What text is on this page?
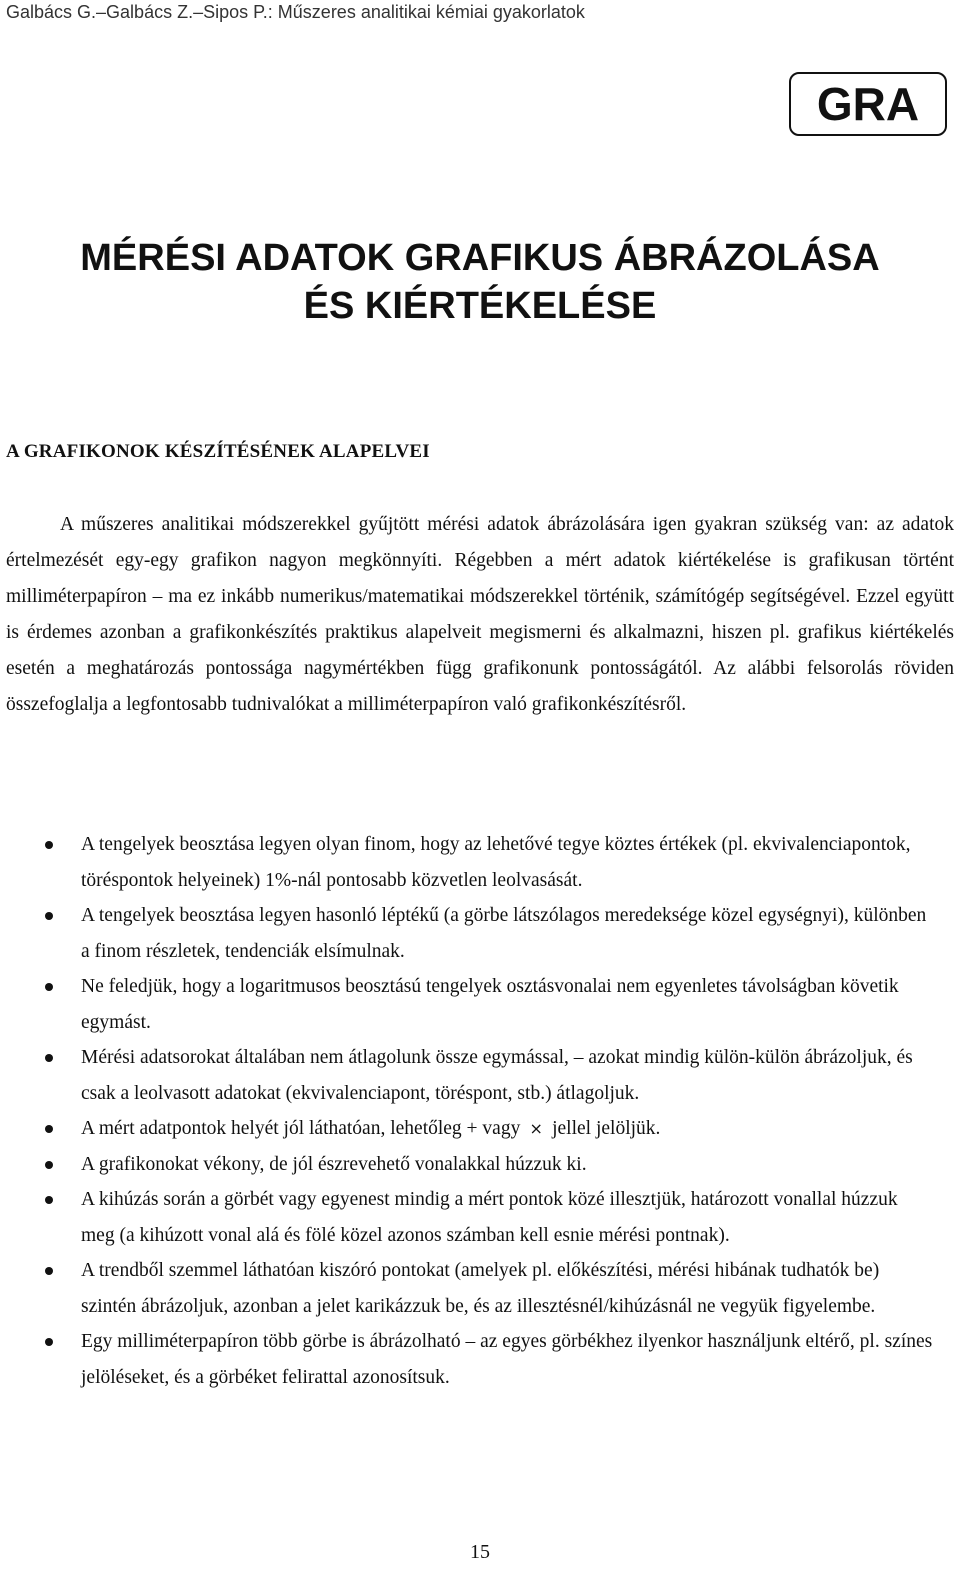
Galbács G.–Galbács Z.–Sipos P.: Műszeres analitikai kémiai gyakorlatok
GRA
MÉRÉSI ADATOK GRAFIKUS ÁBRÁZOLÁSA
ÉS KIÉRTÉKELÉSE
A GRAFIKONOK KÉSZÍTÉSÉNEK ALAPELVEI

A műszeres analitikai módszerekkel gyűjtött mérési adatok ábrázolására igen gyakran szükség van: az adatok értelmezését egy-egy grafikon nagyon megkönnyíti. Régebben a mért adatok kiértékelése is grafikusan történt milliméterpapíron – ma ez inkább numerikus/matematikai módszerekkel történik, számítógép segítségével. Ezzel együtt is érdemes azonban a grafikonkészítés praktikus alapelveit megismerni és alkalmazni, hiszen pl. grafikus kiértékelés esetén a meghatározás pontossága nagymértékben függ grafikonunk pontosságától. Az alábbi felsorolás röviden összefoglalja a legfontosabb tudnivalókat a milliméterpapíron való grafikonkészítésről.

A tengelyek beosztása legyen olyan finom, hogy az lehetővé tegye köztes értékek (pl. ekvivalenciapontok, töréspontok helyeinek) 1%-nál pontosabb közvetlen leolvasását.
A tengelyek beosztása legyen hasonló léptékű (a görbe látszólagos meredeksége közel egységnyi), különben a finom részletek, tendenciák elsímulnak.
Ne feledjük, hogy a logaritmusos beosztású tengelyek osztásvonalai nem egyenletes távolságban követik egymást.
Mérési adatsorokat általában nem átlagolunk össze egymással, – azokat mindig külön-külön ábrázoljuk, és csak a leolvasott adatokat (ekvivalenciapont, töréspont, stb.) átlagoljuk.
A mért adatpontok helyét jól láthatóan, lehetőleg + vagy × jellel jelöljük.
A grafikonokat vékony, de jól észrevehető vonalakkal húzzuk ki.
A kihúzás során a görbét vagy egyenest mindig a mért pontok közé illesztjük, határozott vonallal húzzuk meg (a kihúzott vonal alá és fölé közel azonos számban kell esnie mérési pontnak).
A trendből szemmel láthatóan kiszóró pontokat (amelyek pl. előkészítési, mérési hibának tudhatók be) szintén ábrázoljuk, azonban a jelet karikázzuk be, és az illesztésnél/kihúzásnál ne vegyük figyelembe.
Egy milliméterpapíron több görbe is ábrázolható – az egyes görbékhez ilyenkor használjunk eltérő, pl. színes jelöléseket, és a görbéket felirattal azonosítsuk.
15
